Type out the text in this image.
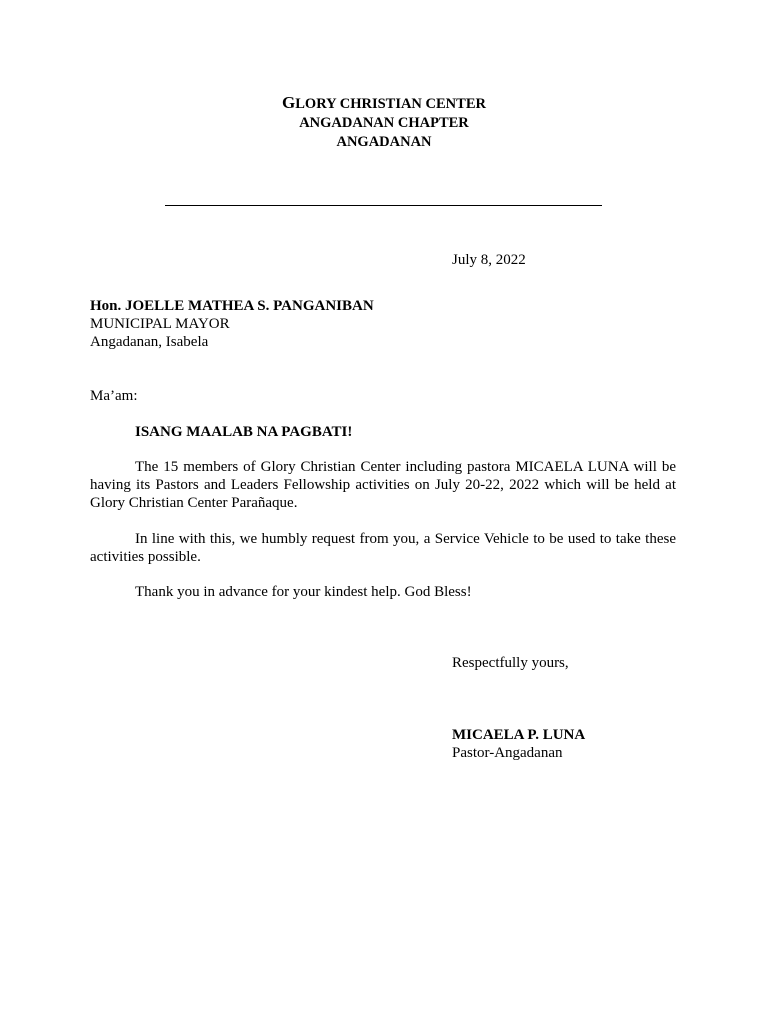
GLORY CHRISTIAN CENTER
ANGADANAN CHAPTER
ANGADANAN
July 8, 2022
Hon. JOELLE MATHEA S. PANGANIBAN
MUNICIPAL MAYOR
Angadanan, Isabela
Ma’am:
ISANG MAALAB NA PAGBATI!
The 15 members of Glory Christian Center including pastora MICAELA LUNA will be having its Pastors and Leaders Fellowship activities on July 20-22, 2022 which will be held at Glory Christian Center Parañaque.
In line with this, we humbly request from you, a Service Vehicle to be used to take these activities possible.
Thank you in advance for your kindest help. God Bless!
Respectfully yours,
MICAELA P. LUNA
Pastor-Angadanan
